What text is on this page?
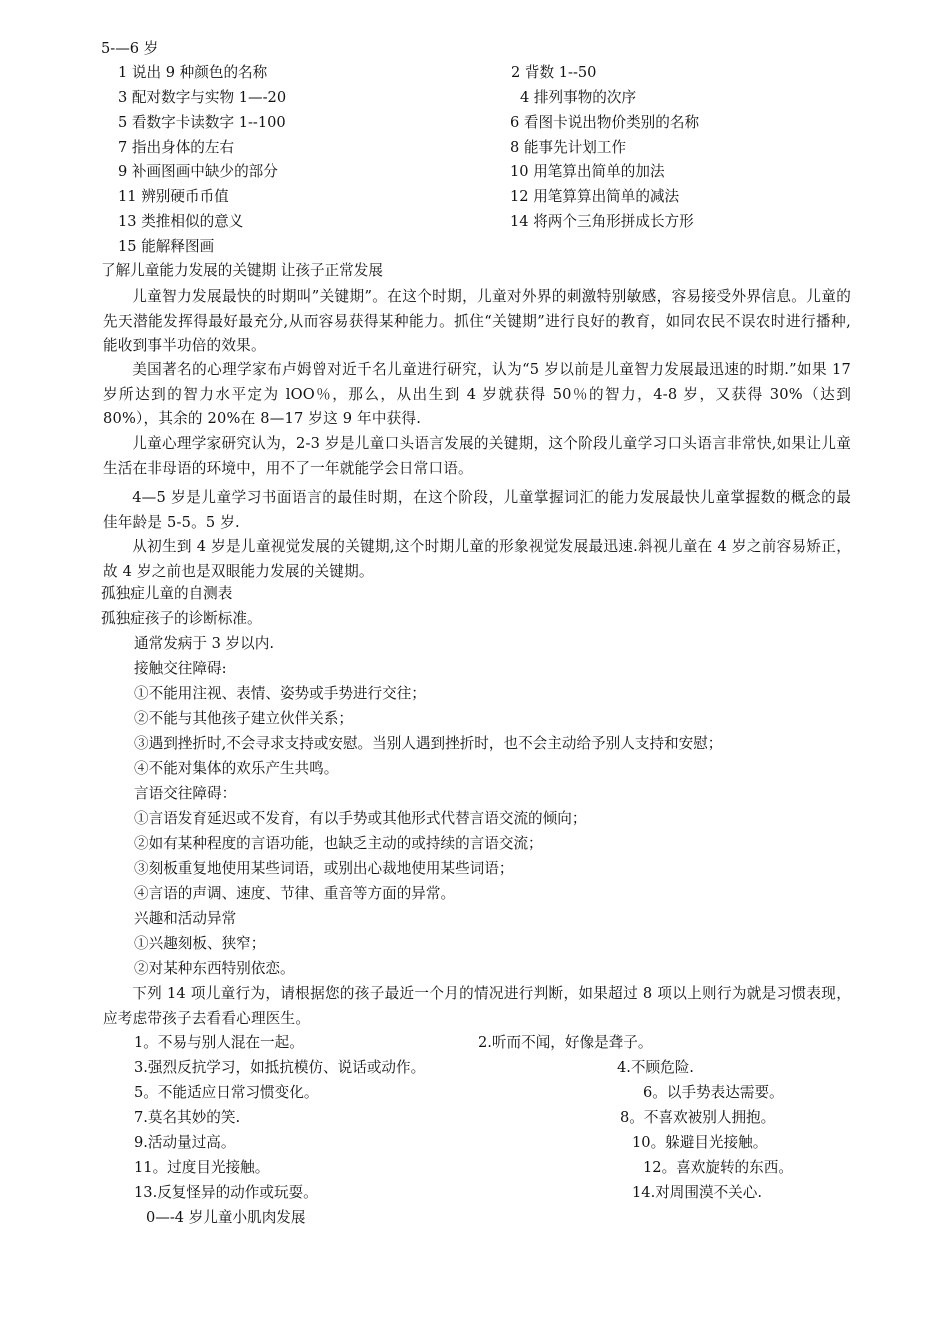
5-—6 岁
1 说出 9 种颜色的名称	2 背数 1--50
3 配对数字与实物 1—-20	4 排列事物的次序
5 看数字卡读数字 1--100	6 看图卡说出物价类别的名称
7 指出身体的左右	8 能事先计划工作
9 补画图画中缺少的部分	10 用笔算出简单的加法
11 辨别硬币币值	12 用笔算算出简单的减法
13 类推相似的意义	14 将两个三角形拼成长方形
15 能解释图画
了解儿童能力发展的关键期 让孩子正常发展
儿童智力发展最快的时期叫”关键期”。在这个时期，儿童对外界的刺激特别敏感，容易接受外界信息。儿童的先天潜能发挥得最好最充分,从而容易获得某种能力。抓住“关键期”进行良好的教育，如同农民不误农时进行播种,能收到事半功倍的效果。
美国著名的心理学家布卢姆曾对近千名儿童进行研究，认为“5 岁以前是儿童智力发展最迅速的时期.”如果 17 岁所达到的智力水平定为 lOO％，那么，从出生到 4 岁就获得 50％的智力，4-8 岁，又获得 30%（达到 80%），其余的 20%在 8—17 岁这 9 年中获得.
儿童心理学家研究认为，2-3 岁是儿童口头语言发展的关键期，这个阶段儿童学习口头语言非常快,如果让儿童生活在非母语的环境中，用不了一年就能学会日常口语。
4—5 岁是儿童学习书面语言的最佳时期，在这个阶段，儿童掌握词汇的能力发展最快儿童掌握数的概念的最佳年龄是 5-5。5 岁.
从初生到 4 岁是儿童视觉发展的关键期,这个时期儿童的形象视觉发展最迅速.斜视儿童在 4 岁之前容易矫正，故 4 岁之前也是双眼能力发展的关键期。
孤独症儿童的自测表
孤独症孩子的诊断标准。
通常发病于 3 岁以内.
接触交往障碍:
①不能用注视、表情、姿势或手势进行交往；
②不能与其他孩子建立伙伴关系；
③遇到挫折时,不会寻求支持或安慰。当别人遇到挫折时，也不会主动给予别人支持和安慰；
④不能对集体的欢乐产生共鸣。
言语交往障碍：
①言语发育延迟或不发育，有以手势或其他形式代替言语交流的倾向；
②如有某种程度的言语功能，也缺乏主动的或持续的言语交流；
③刻板重复地使用某些词语，或别出心裁地使用某些词语；
④言语的声调、速度、节律、重音等方面的异常。
兴趣和活动异常
①兴趣刻板、狭窄；
②对某种东西特别依恋。
下列 14 项儿童行为，请根据您的孩子最近一个月的情况进行判断，如果超过 8 项以上则行为就是习惯表现，应考虑带孩子去看看心理医生。
1。不易与别人混在一起。	2.听而不闻，好像是聋子。
3.强烈反抗学习，如抵抗模仿、说话或动作。	4.不顾危险.
5。不能适应日常习惯变化。	6。以手势表达需要。
7.莫名其妙的笑.	8。不喜欢被别人拥抱。
9.活动量过高。	10。躲避目光接触。
11。过度目光接触。	12。喜欢旋转的东西。
13.反复怪异的动作或玩耍。	14.对周围漠不关心.
0—-4 岁儿童小肌肉发展
